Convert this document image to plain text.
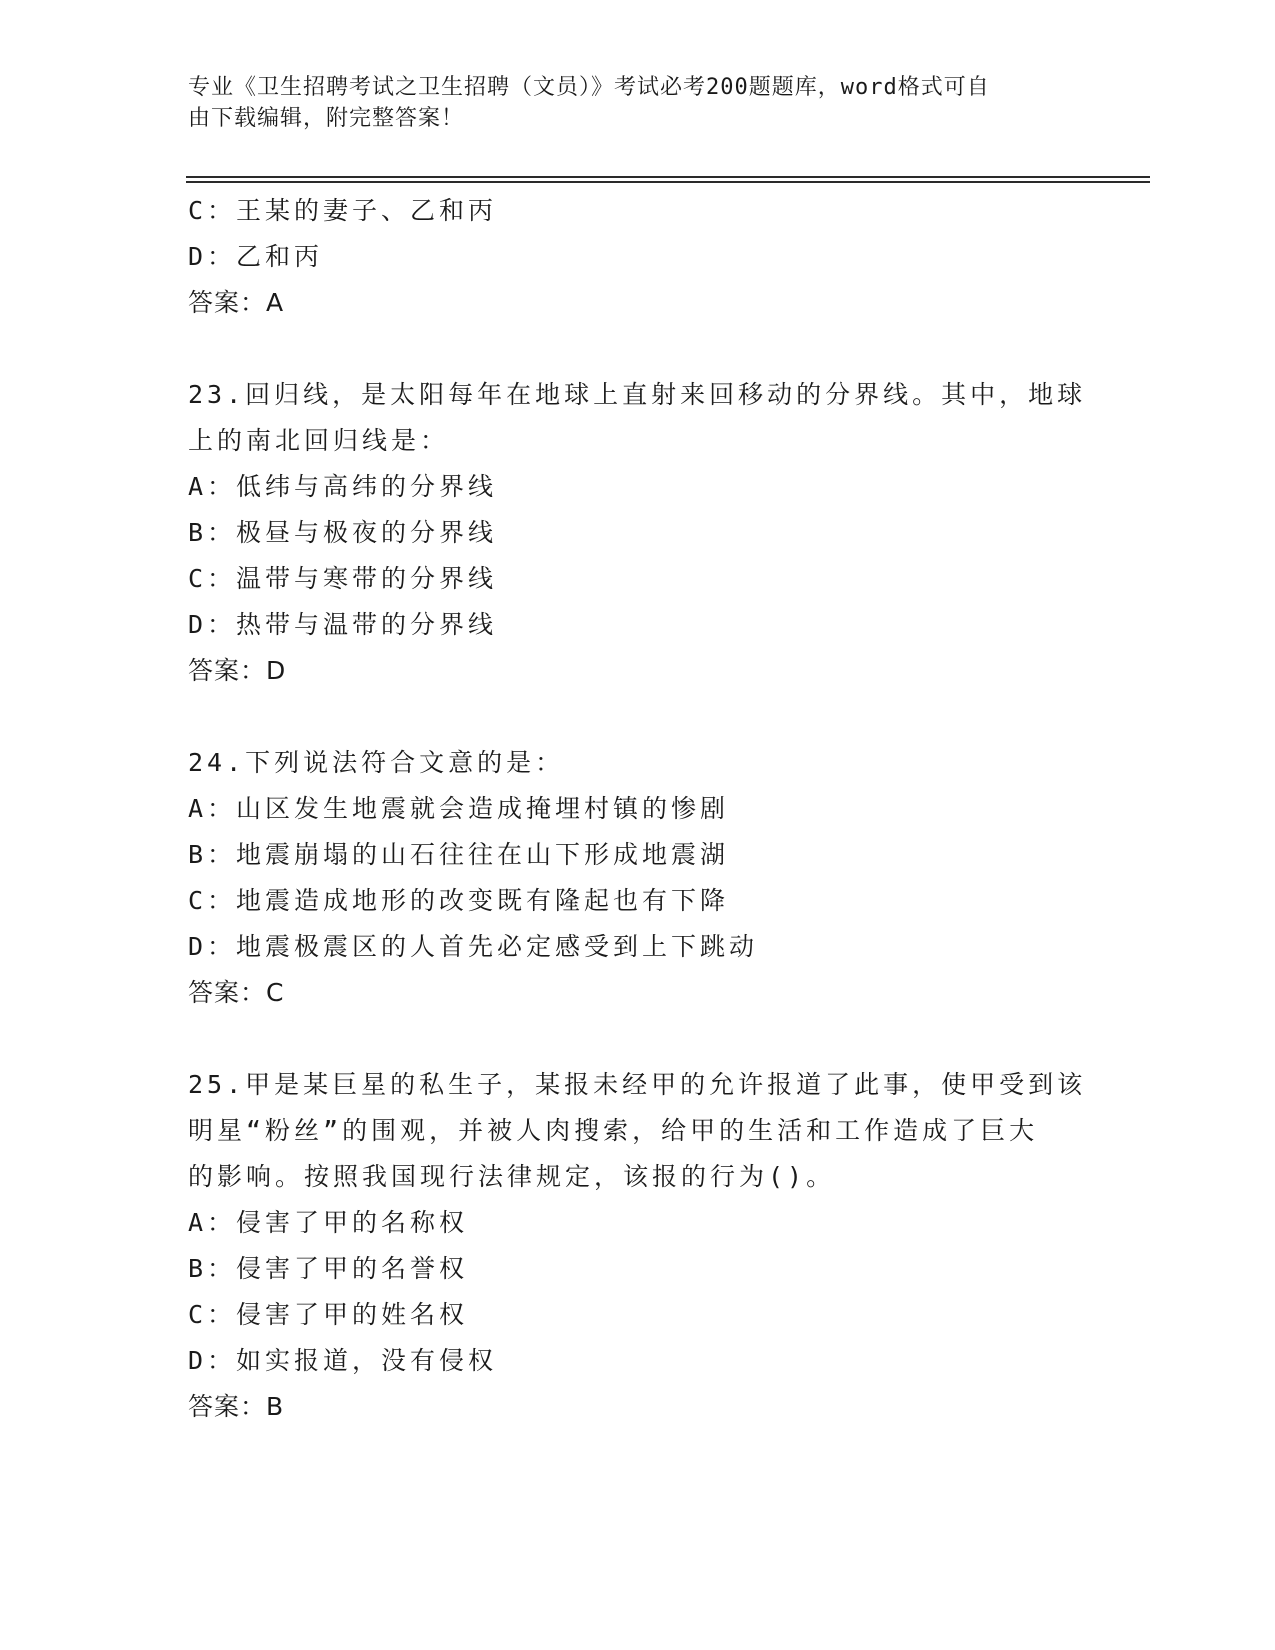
专业《卫生招聘考试之卫生招聘（文员）》考试必考200题题库，word格式可自
由下载编辑，附完整答案！
C：王某的妻子、乙和丙
D：乙和丙
答案：A
23.回归线，是太阳每年在地球上直射来回移动的分界线。其中，地球
上的南北回归线是：
A：低纬与高纬的分界线
B：极昼与极夜的分界线
C：温带与寒带的分界线
D：热带与温带的分界线
答案：D
24.下列说法符合文意的是：
A：山区发生地震就会造成掩埋村镇的惨剧
B：地震崩塌的山石往往在山下形成地震湖
C：地震造成地形的改变既有隆起也有下降
D：地震极震区的人首先必定感受到上下跳动
答案：C
25.甲是某巨星的私生子，某报未经甲的允许报道了此事，使甲受到该
明星“粉丝”的围观，并被人肉搜索，给甲的生活和工作造成了巨大
的影响。按照我国现行法律规定，该报的行为()。
A：侵害了甲的名称权
B：侵害了甲的名誉权
C：侵害了甲的姓名权
D：如实报道，没有侵权
答案：B
